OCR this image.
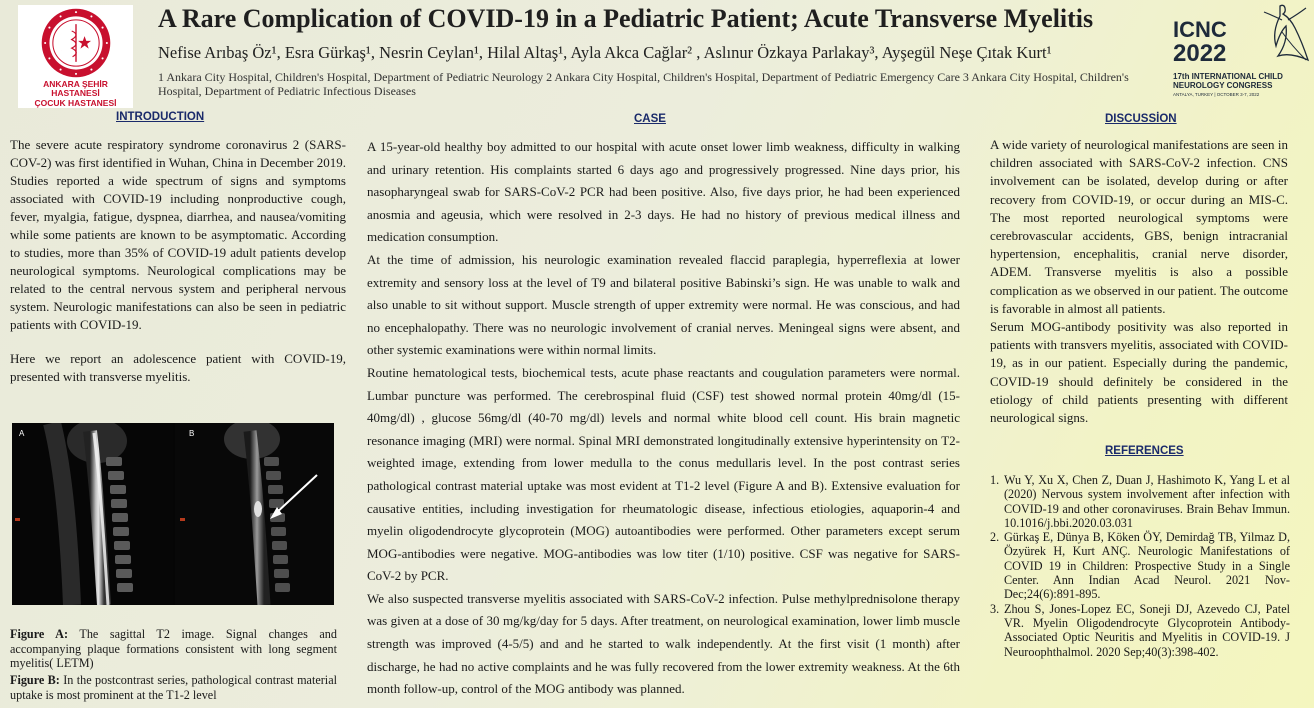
ANKARA ŞEHİR HASTANESİ
ÇOCUK HASTANESİ
A Rare Complication of COVID-19 in a Pediatric Patient; Acute Transverse Myelitis
Nefise Arıbaş Öz¹, Esra Gürkaş¹, Nesrin Ceylan¹, Hilal Altaş¹, Ayla Akca Cağlar² , Aslınur Özkaya Parlakay³, Ayşegül Neşe Çıtak Kurt¹
1 Ankara City Hospital, Children's Hospital, Department of Pediatric Neurology 2 Ankara City Hospital, Children's Hospital, Department of Pediatric Emergency Care 3 Ankara City Hospital, Children's Hospital, Department of Pediatric Infectious Diseases
ICNC
2022
17th INTERNATIONAL CHILD NEUROLOGY CONGRESS
ANTALYA, TURKEY | OCTOBER 3-7, 2022
INTRODUCTION

The severe acute respiratory syndrome coronavirus 2 (SARS-COV-2) was first identified in Wuhan, China in December 2019. Studies reported a wide spectrum of signs and symptoms associated with COVID-19 including nonproductive cough, fever, myalgia, fatigue, dyspnea, diarrhea, and nausea/vomiting while some patients are known to be asymptomatic. According to studies, more than 35% of COVID-19 adult patients develop neurological symptoms. Neurological complications may be related to the central nervous system and peripheral nervous system. Neurologic manifestations can also be seen in pediatric patients with COVID-19.

Here we report an adolescence patient with COVID-19, presented with transverse myelitis.

A	B
Figure A: The sagittal T2 image. Signal changes and accompanying plaque formations consistent with long segment myelitis( LETM)
Figure B: In the postcontrast series, pathological contrast material uptake is most prominent at the T1-2 level
CASE

A 15-year-old healthy boy admitted to our hospital with acute onset lower limb weakness, difficulty in walking and urinary retention. His complaints started 6 days ago and progressively progressed. Nine days prior, his nasopharyngeal swab for SARS-CoV-2 PCR had been positive. Also, five days prior, he had been experienced anosmia and ageusia, which were resolved in 2-3 days. He had no history of previous medical illness and medication consumption.

At the time of admission, his neurologic examination revealed flaccid paraplegia, hyperreflexia at lower extremity and sensory loss at the level of T9 and bilateral positive Babinski’s sign. He was unable to walk and also unable to sit without support. Muscle strength of upper extremity were normal. He was conscious, and had no encephalopathy. There was no neurologic involvement of cranial nerves. Meningeal signs were absent, and other systemic examinations were within normal limits.

Routine hematological tests, biochemical tests, acute phase reactants and cougulation parameters were normal. Lumbar puncture was performed. The cerebrospinal fluid (CSF) test showed normal protein 40mg/dl (15-40mg/dl) , glucose 56mg/dl (40-70 mg/dl) levels and normal white blood cell count. His brain magnetic resonance imaging (MRI) were normal. Spinal MRI demonstrated longitudinally extensive hyperintensity on T2-weighted image, extending from lower medulla to the conus medullaris level. In the post contrast series pathological contrast material uptake was most evident at T1-2 level (Figure A and B). Extensive evaluation for causative entities, including investigation for rheumatologic disease, infectious etiologies, aquaporin-4 and myelin oligodendrocyte glycoprotein (MOG) autoantibodies were performed. Other parameters except serum MOG-antibodies were negative. MOG-antibodies was low titer (1/10) positive. CSF was negative for SARS-CoV-2 by PCR.

We also suspected transverse myelitis associated with SARS-CoV-2 infection. Pulse methylprednisolone therapy was given at a dose of 30 mg/kg/day for 5 days. After treatment, on neurological examination, lower limb muscle strength was improved (4-5/5) and and he started to walk independently. At the first visit (1 month) after discharge, he had no active complaints and he was fully recovered from the lower extremity weakness. At the 6th month follow-up, control of the MOG antibody was planned.

DISCUSSİON

A wide variety of neurological manifestations are seen in children associated with SARS-CoV-2 infection. CNS involvement can be isolated, develop during or after recovery from COVID-19, or occur during an MIS-C. The most reported neurological symptoms were cerebrovascular accidents, GBS, benign intracranial hypertension, encephalitis, cranial nerve disorder, ADEM. Transverse myelitis is also a possible complication as we observed in our patient. The outcome is favorable in almost all patients.

Serum MOG-antibody positivity was also reported in patients with transvers myelitis, associated with COVID-19, as in our patient. Especially during the pandemic, COVID-19 should definitely be considered in the etiology of child patients presenting with different neurological signs.

REFERENCES
1. Wu Y, Xu X, Chen Z, Duan J, Hashimoto K, Yang L et al (2020) Nervous system involvement after infection with COVID-19 and other coronaviruses. Brain Behav Immun. 10.1016/j.bbi.2020.03.031
2. Gürkaş E, Dünya B, Köken ÖY, Demirdağ TB, Yilmaz D, Özyürek H, Kurt ANÇ. Neurologic Manifestations of COVID 19 in Children: Prospective Study in a Single Center. Ann Indian Acad Neurol. 2021 Nov-Dec;24(6):891-895.
3. Zhou S, Jones-Lopez EC, Soneji DJ, Azevedo CJ, Patel VR. Myelin Oligodendrocyte Glycoprotein Antibody-Associated Optic Neuritis and Myelitis in COVID-19. J Neuroophthalmol. 2020 Sep;40(3):398-402.
